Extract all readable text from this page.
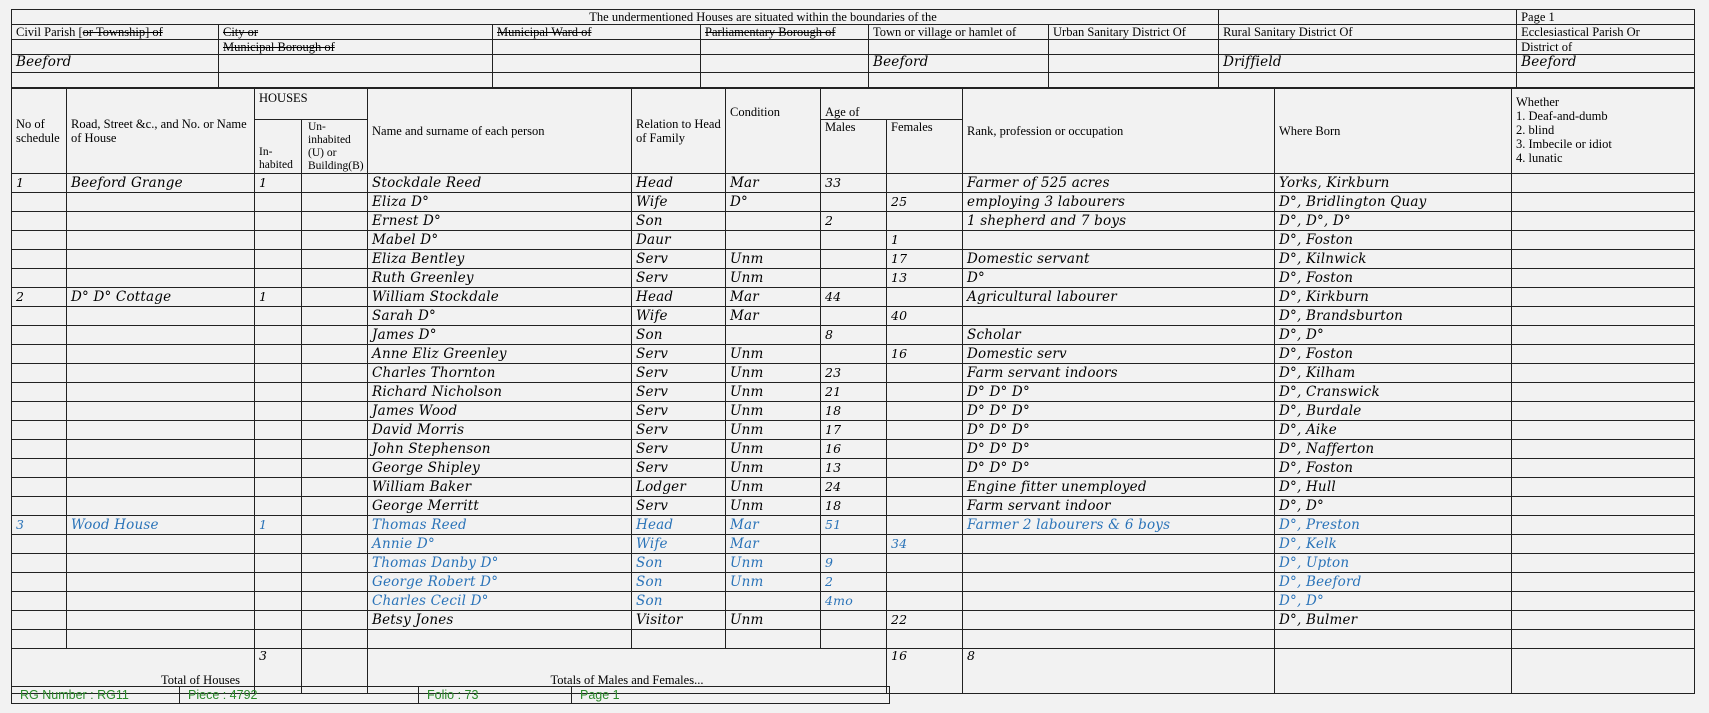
The undermentioned Houses are situated within the boundaries of the							Page 1
Civil Parish [or Township] of	City or	Municipal Ward of	Parliamentary Borough of	Town or village or hamlet of	Urban Sanitary District Of	Rural Sanitary District Of	Ecclesiastical Parish Or
	Municipal Borough of						District of
Beeford				Beeford		Driffield	Beeford

No of schedule	Road, Street &c., and No. or Name of House	HOUSES		Name and surname of each person	Relation to Head of Family	Condition	Age of		Rank, profession or occupation	Where Born	Whether
1. Deaf-and-dumb
2. blind
3. Imbecile or idiot
4. lunatic	

		In-habited	Un-inhabited (U) or Building(B)				Males	Females				
1	Beeford Grange	1		Stockdale Reed	Head	Mar	33		Farmer of 525 acres	Yorks, Kirkburn		
				Eliza D°	Wife	D°		25	employing 3 labourers	D°, Bridlington Quay		
				Ernest D°	Son		2		1 shepherd and 7 boys	D°, D°, D°		
				Mabel D°	Daur			1		D°, Foston		
				Eliza Bentley	Serv	Unm		17	Domestic servant	D°, Kilnwick		
				Ruth Greenley	Serv	Unm		13	D°	D°, Foston		
2	D° D° Cottage	1		William Stockdale	Head	Mar	44		Agricultural labourer	D°, Kirkburn		
				Sarah D°	Wife	Mar		40		D°, Brandsburton		
				James D°	Son		8		Scholar	D°, D°		
				Anne Eliz Greenley	Serv	Unm		16	Domestic serv	D°, Foston		
				Charles Thornton	Serv	Unm	23		Farm servant indoors	D°, Kilham		
				Richard Nicholson	Serv	Unm	21		D° D° D°	D°, Cranswick		
				James Wood	Serv	Unm	18		D° D° D°	D°, Burdale		
				David Morris	Serv	Unm	17		D° D° D°	D°, Aike		
				John Stephenson	Serv	Unm	16		D° D° D°	D°, Nafferton		
				George Shipley	Serv	Unm	13		D° D° D°	D°, Foston		
				William Baker	Lodger	Unm	24		Engine fitter unemployed	D°, Hull		
				George Merritt	Serv	Unm	18		Farm servant indoor	D°, D°		
3	Wood House	1		Thomas Reed	Head	Mar	51		Farmer 2 labourers & 6 boys	D°, Preston		
				Annie D°	Wife	Mar		34		D°, Kelk		
				Thomas Danby D°	Son	Unm	9			D°, Upton		
				George Robert D°	Son	Unm	2			D°, Beeford		
				Charles Cecil D°	Son		4mo			D°, D°		
				Betsy Jones	Visitor	Unm		22		D°, Bulmer		

Total of Houses		3		Totals of Males and Females...				16	8			
RG Number : RG11	Piece : 4792	Folio : 73	Page 1
